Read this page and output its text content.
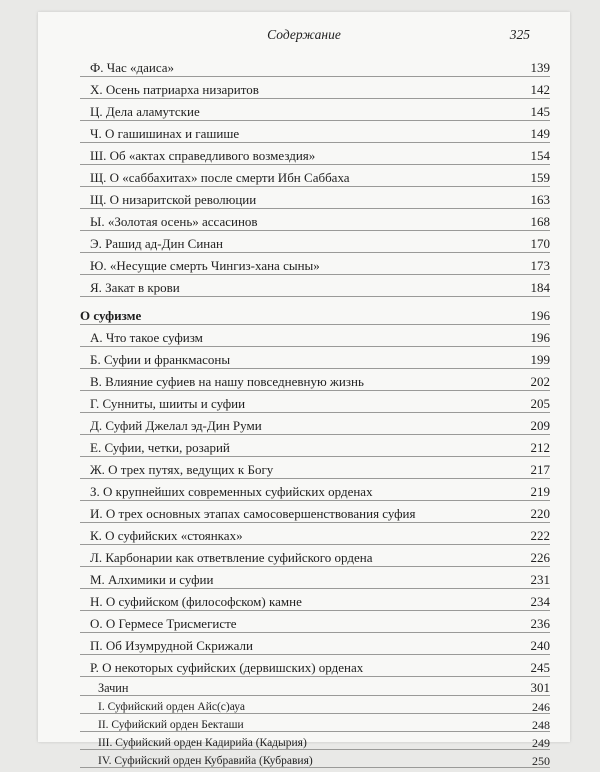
Содержание	325
Ф. Час «даиса»	139
Х. Осень патриарха низаритов	142
Ц. Дела аламутские	145
Ч. О гашишинах и гашише	149
Ш. Об «актах справедливого возмездия»	154
Щ. О «саббахитах» после смерти Ибн Саббаха	159
Щ. О низаритской революции	163
Ы. «Золотая осень» ассасинов	168
Э. Рашид ад-Дин Синан	170
Ю. «Несущие смерть Чингиз-хана сыны»	173
Я. Закат в крови	184
О суфизме	196
А. Что такое суфизм	196
Б. Суфии и франкмасоны	199
В. Влияние суфиев на нашу повседневную жизнь	202
Г. Сунниты, шииты и суфии	205
Д. Суфий Джелал эд-Дин Руми	209
Е. Суфии, четки, розарий	212
Ж. О трех путях, ведущих к Богу	217
З. О крупнейших современных суфийских орденах	219
И. О трех основных этапах самосовершенствования суфия	220
К. О суфийских «стоянках»	222
Л. Карбонарии как ответвление суфийского ордена	226
М. Алхимики и суфии	231
Н. О суфийском (философском) камне	234
О. О Гермесе Трисмегисте	236
П. Об Изумрудной Скрижали	240
Р. О некоторых суфийских (дервишских) орденах	245
Зачин	301
I. Суфийский орден Айс(с)ауа	246
II. Суфийский орден Бекташи	248
III. Суфийский орден Кадирийа (Кадырия)	249
IV. Суфийский орден Кубравийа (Кубравия)	250
